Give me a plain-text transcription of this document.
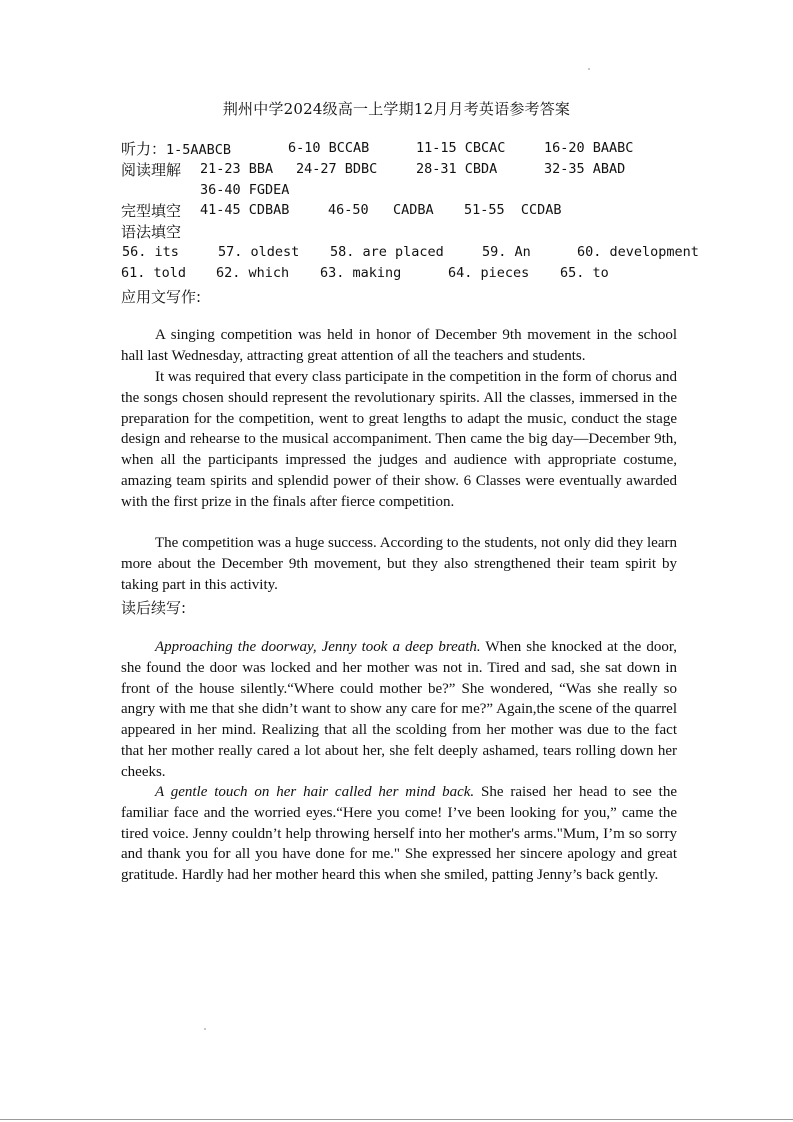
荆州中学2024级高一上学期12月月考英语参考答案
听力：1-5AABCB	6-10 BCCAB	11-15 CBCAC	16-20 BAABC
阅读理解 21-23 BBA 24-27 BDBC	28-31 CBDA	32-35 ABAD
36-40 FGDEA
完型填空 41-45 CDBAB	46-50   CADBA 51-55  CCDAB
语法填空
56. its	57. oldest 58. are placed	59. An	60. development
61. told 62. which 63. making	64. pieces 65. to
应用文写作:

A singing competition was held in honor of December 9th movement in the school hall last Wednesday, attracting great attention of all the teachers and students.

It was required that every class participate in the competition in the form of chorus and the songs chosen should represent the revolutionary spirits. All the classes, immersed in the preparation for the competition, went to great lengths to adapt the music, conduct the stage design and rehearse to the musical accompaniment. Then came the big day—December 9th, when all the participants impressed the judges and audience with appropriate costume, amazing team spirits and splendid power of their show. 6 Classes were eventually awarded with the first prize in the finals after fierce competition.

The competition was a huge success. According to the students, not only did they learn more about the December 9th movement, but they also strengthened their team spirit by taking part in this activity.

读后续写:

Approaching the doorway, Jenny took a deep breath. When she knocked at the door, she found the door was locked and her mother was not in. Tired and sad, she sat down in front of the house silently.“Where could mother be?” She wondered, “Was she really so angry with me that she didn’t want to show any care for me?” Again,the scene of the quarrel appeared in her mind. Realizing that all the scolding from her mother was due to the fact that her mother really cared a lot about her, she felt deeply ashamed, tears rolling down her cheeks.

A gentle touch on her hair called her mind back. She raised her head to see the familiar face and the worried eyes.“Here you come! I’ve been looking for you,” came the tired voice. Jenny couldn’t help throwing herself into her mother's arms."Mum, I’m so sorry and thank you for all you have done for me." She expressed her sincere apology and great gratitude. Hardly had her mother heard this when she smiled, patting Jenny’s back gently.
